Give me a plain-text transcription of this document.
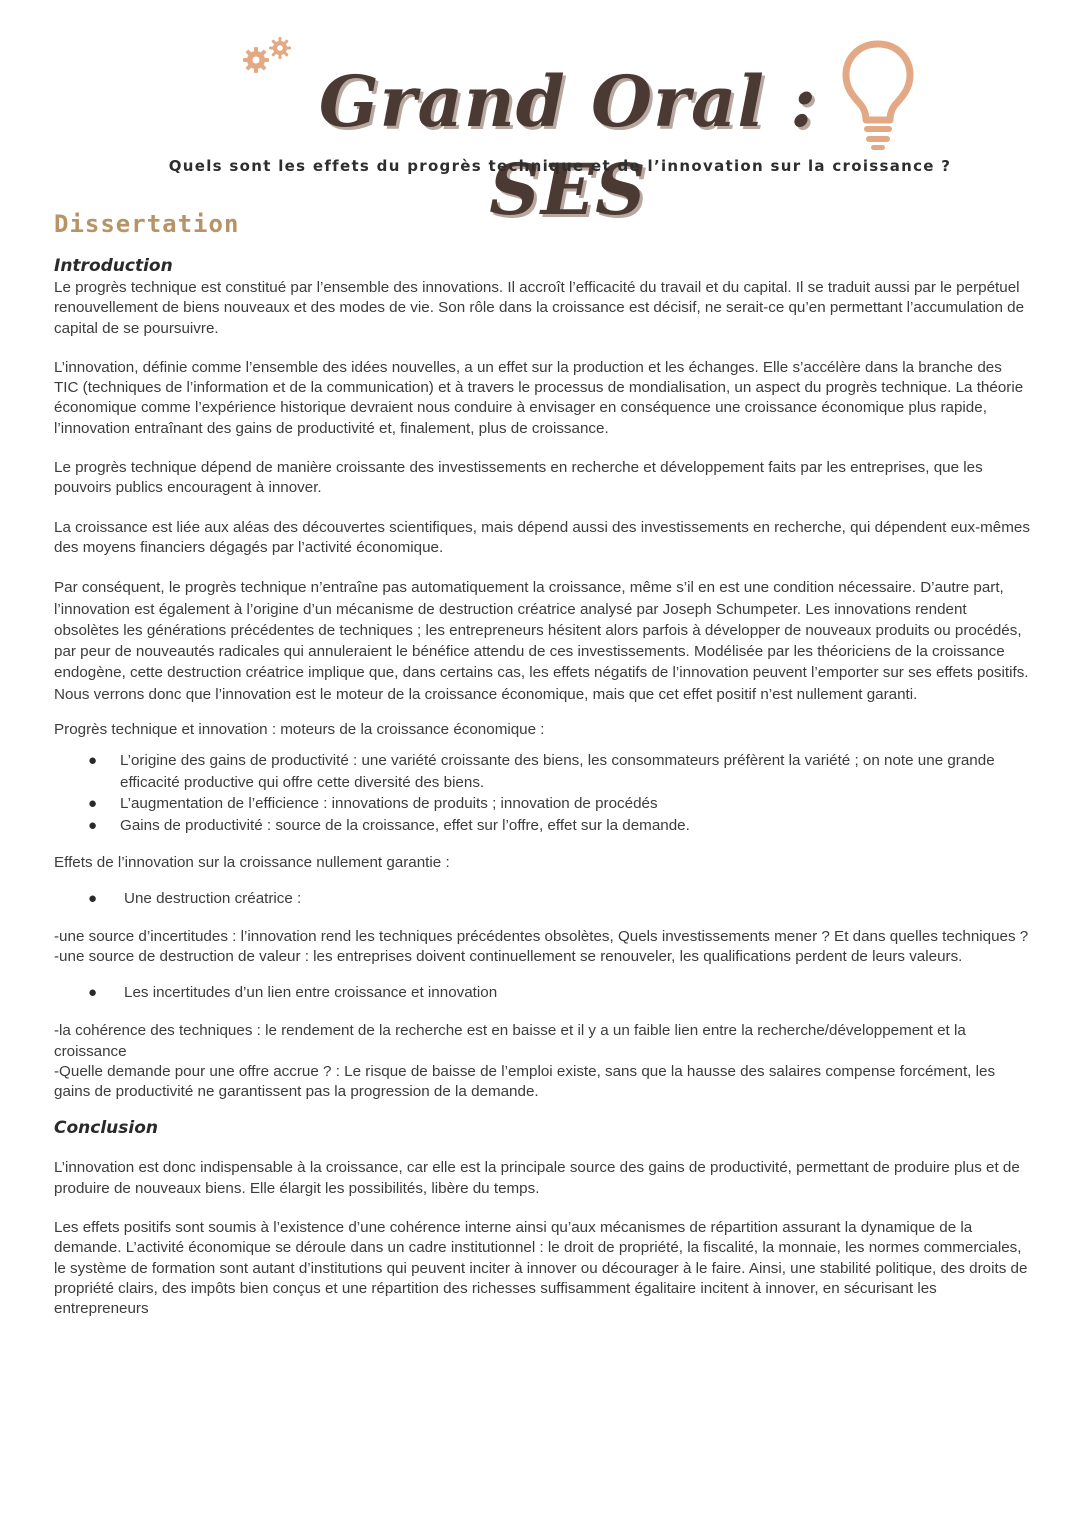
Grand Oral : SES
Quels sont les effets du progrès technique et de l’innovation sur la croissance ?
Dissertation
Introduction

Le progrès technique est constitué par l’ensemble des innovations. Il accroît l’efficacité du travail et du capital. Il se traduit aussi par le perpétuel renouvellement de biens nouveaux et des modes de vie. Son rôle dans la croissance est décisif, ne serait-ce qu’en permettant l’accumulation de capital de se poursuivre.

L’innovation, définie comme l’ensemble des idées nouvelles, a un effet sur la production et les échanges. Elle s’accélère dans la branche des TIC (techniques de l’information et de la communication) et à travers le processus de mondialisation, un aspect du progrès technique. La théorie économique comme l’expérience historique devraient nous conduire à envisager en conséquence une croissance économique plus rapide, l’innovation entraînant des gains de productivité et, finalement, plus de croissance.

Le progrès technique dépend de manière croissante des investissements en recherche et développement faits par les entreprises, que les pouvoirs publics encouragent à innover.

La croissance est liée aux aléas des découvertes scientifiques, mais dépend aussi des investissements en recherche, qui dépendent eux-mêmes des moyens financiers dégagés par l’activité économique.

Par conséquent, le progrès technique n’entraîne pas automatiquement la croissance, même s’il en est une condition nécessaire. D’autre part, l’innovation est également à l’origine d’un mécanisme de destruction créatrice analysé par Joseph Schumpeter. Les innovations rendent obsolètes les générations précédentes de techniques ; les entrepreneurs hésitent alors parfois à développer de nouveaux produits ou procédés, par peur de nouveautés radicales qui annuleraient le bénéfice attendu de ces investissements. Modélisée par les théoriciens de la croissance endogène, cette destruction créatrice implique que, dans certains cas, les effets négatifs de l’innovation peuvent l’emporter sur ses effets positifs. Nous verrons donc que l’innovation est le moteur de la croissance économique, mais que cet effet positif n’est nullement garanti.

Progrès technique et innovation : moteurs de la croissance économique :

● L’origine des gains de productivité : une variété croissante des biens, les consommateurs préfèrent la variété ; on note une grande efficacité productive qui offre cette diversité des biens.
● L’augmentation de l’efficience : innovations de produits ; innovation de procédés
● Gains de productivité : source de la croissance, effet sur l’offre, effet sur la demande.

Effets de l’innovation sur la croissance nullement garantie :

● Une destruction créatrice :

-une source d’incertitudes : l’innovation rend les techniques précédentes obsolètes, Quels investissements mener ? Et dans quelles techniques ?

-une source de destruction de valeur : les entreprises doivent continuellement se renouveler, les qualifications perdent de leurs valeurs.

● Les incertitudes d’un lien entre croissance et innovation

-la cohérence des techniques : le rendement de la recherche est en baisse et il y a un faible lien entre la recherche/développement et la croissance

-Quelle demande pour une offre accrue ? : Le risque de baisse de l’emploi existe, sans que la hausse des salaires compense forcément, les gains de productivité ne garantissent pas la progression de la demande.

Conclusion

L’innovation est donc indispensable à la croissance, car elle est la principale source des gains de productivité, permettant de produire plus et de produire de nouveaux biens. Elle élargit les possibilités, libère du temps.

Les effets positifs sont soumis à l’existence d’une cohérence interne ainsi qu’aux mécanismes de répartition assurant la dynamique de la demande. L’activité économique se déroule dans un cadre institutionnel : le droit de propriété, la fiscalité, la monnaie, les normes commerciales, le système de formation sont autant d’institutions qui peuvent inciter à innover ou décourager à le faire. Ainsi, une stabilité politique, des droits de propriété clairs, des impôts bien conçus et une répartition des richesses suffisamment égalitaire incitent à innover, en sécurisant les entrepreneurs
